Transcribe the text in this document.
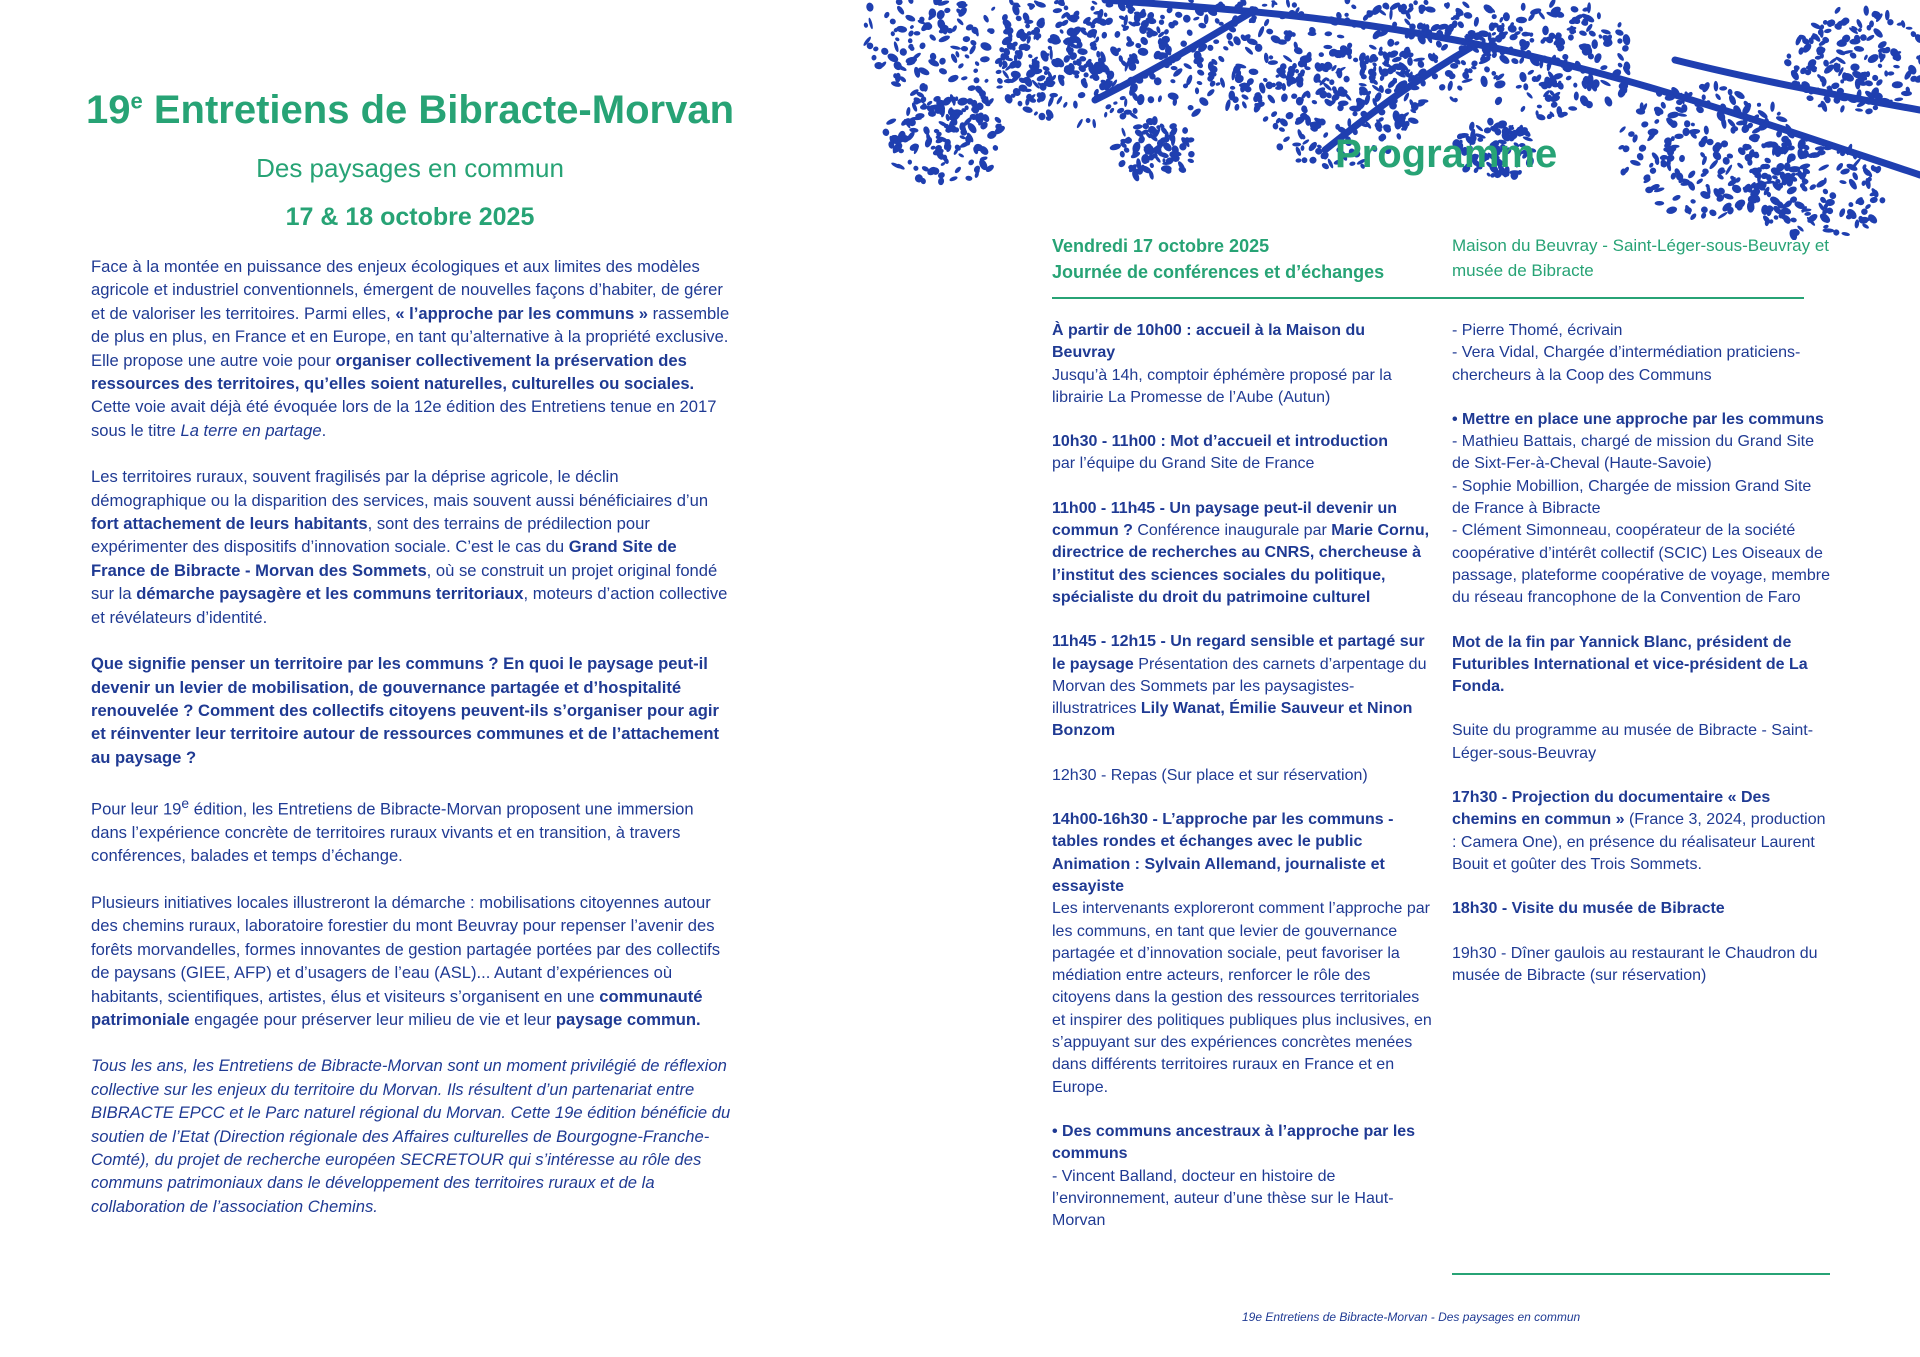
19e Entretiens de Bibracte-Morvan
Des paysages en commun
17 & 18 octobre 2025

Face à la montée en puissance des enjeux écologiques et aux limites des modèles agricole et industriel conventionnels, émergent de nouvelles façons d’habiter, de gérer et de valoriser les territoires. Parmi elles, « l’approche par les communs » rassemble de plus en plus, en France et en Europe, en tant qu’alternative à la propriété exclusive. Elle propose une autre voie pour organiser collectivement la préservation des ressources des territoires, qu’elles soient naturelles, culturelles ou sociales. Cette voie avait déjà été évoquée lors de la 12e édition des Entretiens tenue en 2017 sous le titre La terre en partage.

Les territoires ruraux, souvent fragilisés par la déprise agricole, le déclin démographique ou la disparition des services, mais souvent aussi bénéficiaires d’un fort attachement de leurs habitants, sont des terrains de prédilection pour expérimenter des dispositifs d’innovation sociale. C’est le cas du Grand Site de France de Bibracte - Morvan des Sommets, où se construit un projet original fondé sur la démarche paysagère et les communs territoriaux, moteurs d’action collective et révélateurs d’identité.

Que signifie penser un territoire par les communs ? En quoi le paysage peut-il devenir un levier de mobilisation, de gouvernance partagée et d’hospitalité renouvelée ? Comment des collectifs citoyens peuvent-ils s’organiser pour agir et réinventer leur territoire autour de ressources communes et de l’attachement au paysage ?

Pour leur 19e édition, les Entretiens de Bibracte-Morvan proposent une immersion dans l’expérience concrète de territoires ruraux vivants et en transition, à travers conférences, balades et temps d’échange.

Plusieurs initiatives locales illustreront la démarche : mobilisations citoyennes autour des chemins ruraux, laboratoire forestier du mont Beuvray pour repenser l’avenir des forêts morvandelles, formes innovantes de gestion partagée portées par des collectifs de paysans (GIEE, AFP) et d’usagers de l’eau (ASL)... Autant d’expériences où habitants, scientifiques, artistes, élus et visiteurs s’organisent en une communauté patrimoniale engagée pour préserver leur milieu de vie et leur paysage commun.

Tous les ans, les Entretiens de Bibracte-Morvan sont un moment privilégié de réflexion collective sur les enjeux du territoire du Morvan. Ils résultent d’un partenariat entre BIBRACTE EPCC et le Parc naturel régional du Morvan. Cette 19e édition bénéficie du soutien de l’Etat (Direction régionale des Affaires culturelles de Bourgogne-Franche-Comté), du projet de recherche européen SECRETOUR qui s’intéresse au rôle des communs patrimoniaux dans le développement des territoires ruraux et de la collaboration de l’association Chemins.

Programme
Vendredi 17 octobre 2025
Journée de conférences et d’échanges
Maison du Beuvray - Saint-Léger-sous-Beuvray et musée de Bibracte
À partir de 10h00 : accueil à la Maison du Beuvray
Jusqu’à 14h, comptoir éphémère proposé par la librairie La Promesse de l’Aube (Autun)
10h30 - 11h00 : Mot d’accueil et introduction
par l’équipe du Grand Site de France
11h00 - 11h45 - Un paysage peut-il devenir un commun ? Conférence inaugurale par Marie Cornu, directrice de recherches au CNRS, chercheuse à l’institut des sciences sociales du politique, spécialiste du droit du patrimoine culturel
11h45 - 12h15 - Un regard sensible et partagé sur le paysage Présentation des carnets d’arpentage du Morvan des Sommets par les paysagistes-illustratrices Lily Wanat, Émilie Sauveur et Ninon Bonzom
12h30 - Repas (Sur place et sur réservation)
14h00-16h30 - L’approche par les communs - tables rondes et échanges avec le public Animation : Sylvain Allemand, journaliste et essayiste
Les intervenants exploreront comment l’approche par les communs, en tant que levier de gouvernance partagée et d’innovation sociale, peut favoriser la médiation entre acteurs, renforcer le rôle des citoyens dans la gestion des ressources territoriales et inspirer des politiques publiques plus inclusives, en s’appuyant sur des expériences concrètes menées dans différents territoires ruraux en France et en Europe.
• Des communs ancestraux à l’approche par les communs
- Vincent Balland, docteur en histoire de l’environnement, auteur d’une thèse sur le Haut-Morvan
- Pierre Thomé, écrivain
- Vera Vidal, Chargée d’intermédiation praticiens-chercheurs à la Coop des Communs
• Mettre en place une approche par les communs
- Mathieu Battais, chargé de mission du Grand Site de Sixt-Fer-à-Cheval (Haute-Savoie)
- Sophie Mobillion, Chargée de mission Grand Site de France à Bibracte
- Clément Simonneau, coopérateur de la société coopérative d’intérêt collectif (SCIC) Les Oiseaux de passage, plateforme coopérative de voyage, membre du réseau francophone de la Convention de Faro
Mot de la fin par Yannick Blanc, président de Futuribles International et vice-président de La Fonda.
Suite du programme au musée de Bibracte - Saint-Léger-sous-Beuvray
17h30 - Projection du documentaire « Des chemins en commun » (France 3, 2024, production : Camera One), en présence du réalisateur Laurent Bouit et goûter des Trois Sommets.
18h30 - Visite du musée de Bibracte
19h30 - Dîner gaulois au restaurant le Chaudron du musée de Bibracte (sur réservation)
19e Entretiens de Bibracte-Morvan - Des paysages en commun
